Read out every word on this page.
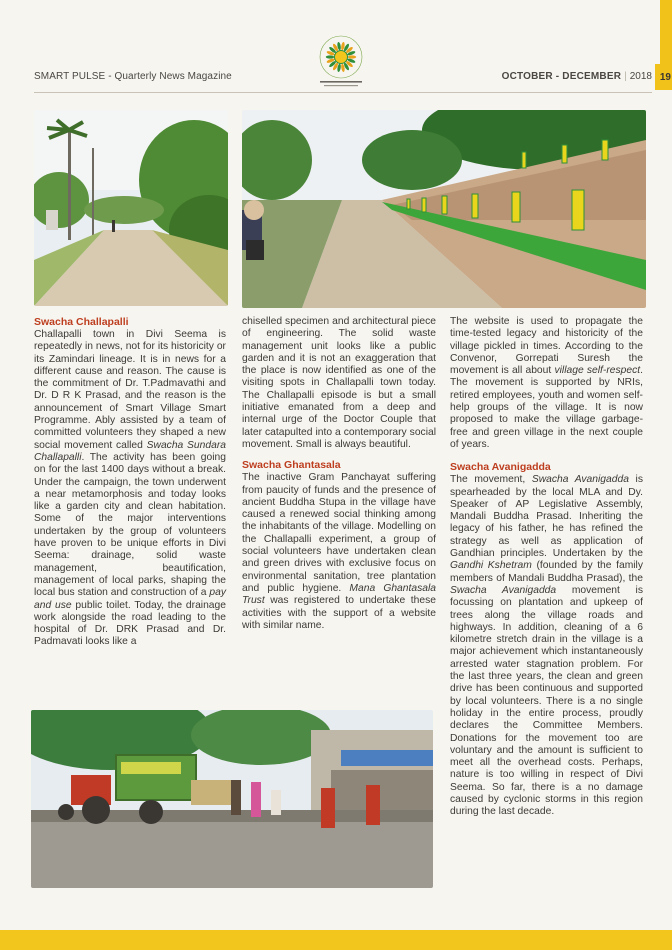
SMART PULSE - Quarterly News Magazine	OCTOBER - DECEMBER | 2018 19

Swacha Challapalli

Challapalli town in Divi Seema is repeatedly in news, not for its historicity or its Zamindari lineage. It is in news for a different cause and reason. The cause is the commitment of Dr. T.Padmavathi and Dr. D R K Prasad, and the reason is the announcement of Smart Village Smart Programme. Ably assisted by a team of committed volunteers they shaped a new social movement called Swacha Sundara Challapalli. The activity has been going on for the last 1400 days without a break. Under the campaign, the town underwent a near metamorphosis and today looks like a garden city and clean habitation. Some of the major interventions undertaken by the group of volunteers have proven to be unique efforts in Divi Seema: drainage, solid waste management, beautification, management of local parks, shaping the local bus station and construction of a pay and use public toilet. Today, the drainage work alongside the road leading to the hospital of Dr. DRK Prasad and Dr. Padmavati looks like a

chiselled specimen and architectural piece of engineering. The solid waste management unit looks like a public garden and it is not an exaggeration that the place is now identified as one of the visiting spots in Challapalli town today. The Challapalli episode is but a small initiative emanated from a deep and internal urge of the Doctor Couple that later catapulted into a contemporary social movement. Small is always beautiful.

Swacha Ghantasala

The inactive Gram Panchayat suffering from paucity of funds and the presence of ancient Buddha Stupa in the village have caused a renewed social thinking among the inhabitants of the village. Modelling on the Challapalli experiment, a group of social volunteers have undertaken clean and green drives with exclusive focus on environmental sanitation, tree plantation and public hygiene. Mana Ghantasala Trust was registered to undertake these activities with the support of a website with similar name.

The website is used to propagate the time-tested legacy and historicity of the village pickled in times. According to the Convenor, Gorrepati Suresh the movement is all about village self-respect. The movement is supported by NRIs, retired employees, youth and women self-help groups of the village. It is now proposed to make the village garbage-free and green village in the next couple of years.

Swacha Avanigadda

The movement, Swacha Avanigadda is spearheaded by the local MLA and Dy. Speaker of AP Legislative Assembly, Mandali Buddha Prasad. Inheriting the legacy of his father, he has refined the strategy as well as application of Gandhian principles. Undertaken by the Gandhi Kshetram (founded by the family members of Mandali Buddha Prasad), the Swacha Avanigadda movement is focussing on plantation and upkeep of trees along the village roads and highways. In addition, cleaning of a 6 kilometre stretch drain in the village is a major achievement which instantaneously arrested water stagnation problem. For the last three years, the clean and green drive has been continuous and supported by local volunteers. There is a no single holiday in the entire process, proudly declares the Committee Members. Donations for the movement too are voluntary and the amount is sufficient to meet all the overhead costs. Perhaps, nature is too willing in respect of Divi Seema. So far, there is a no damage caused by cyclonic storms in this region during the last decade.
